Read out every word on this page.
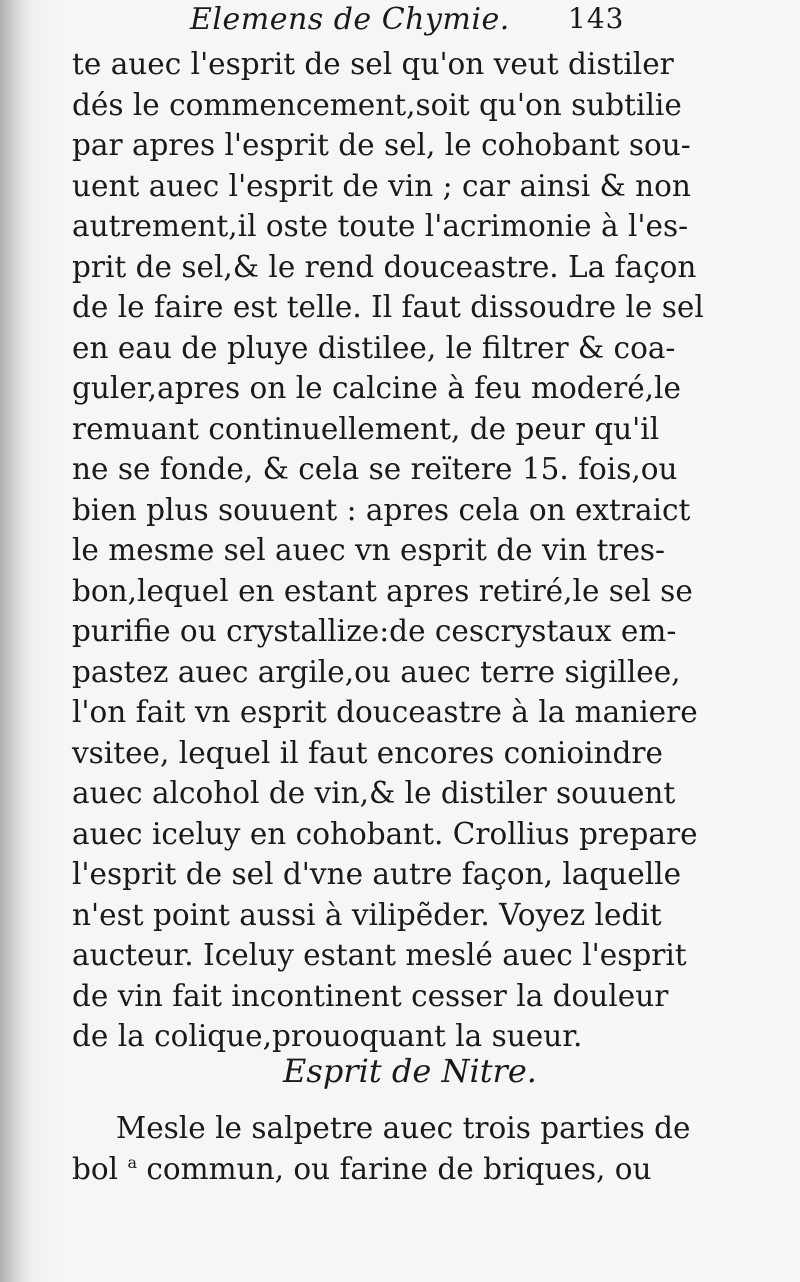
Elemens de Chymie. 143
te auec l'esprit de sel qu'on veut distiler
dés le commencement,soit qu'on subtilie
par apres l'esprit de sel, le cohobant sou-
uent auec l'esprit de vin ; car ainsi & non
autrement,il oste toute l'acrimonie à l'es-
prit de sel,& le rend douceastre. La façon
de le faire est telle. Il faut dissoudre le sel
en eau de pluye distilee, le filtrer & coa-
guler,apres on le calcine à feu moderé,le
remuant continuellement, de peur qu'il
ne se fonde, & cela se reïtere 15. fois,ou
bien plus souuent : apres cela on extraict
le mesme sel auec vn esprit de vin tres-
bon,lequel en estant apres retiré,le sel se
purifie ou crystallize:de cescrystaux em-
pastez auec argile,ou auec terre sigillee,
l'on fait vn esprit douceastre à la maniere
vsitee, lequel il faut encores conioindre
auec alcohol de vin,& le distiler souuent
auec iceluy en cohobant. Crollius prepare
l'esprit de sel d'vne autre façon, laquelle
n'est point aussi à vilipẽder. Voyez ledit
aucteur. Iceluy estant meslé auec l'esprit
de vin fait incontinent cesser la douleur
de la colique,prouoquant la sueur.
Esprit de Nitre.
Mesle le salpetre auec trois parties de
bol $^a$ commun, ou farine de briques, ou
